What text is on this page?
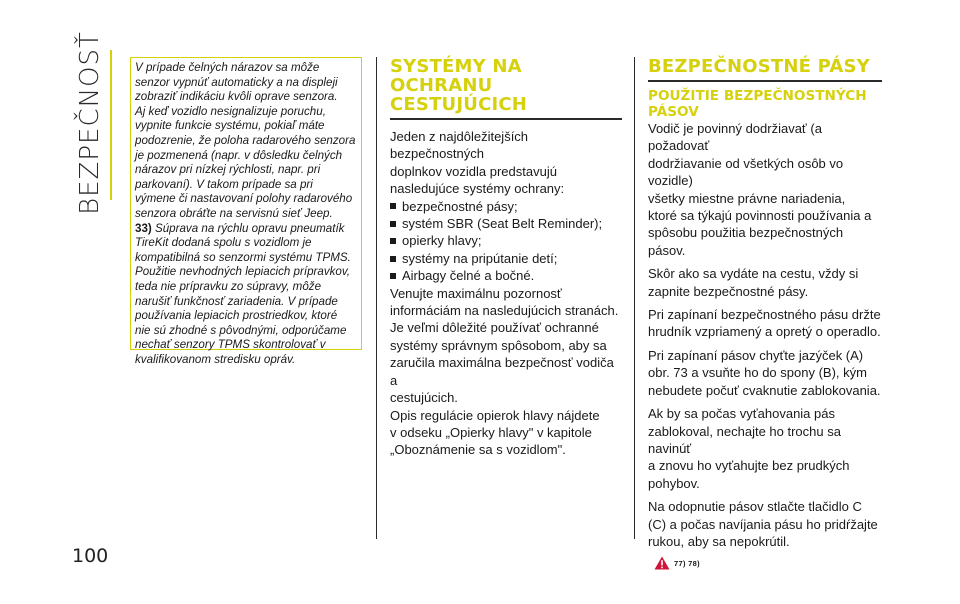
BEZPEČNOSŤ
100

V prípade čelných nárazov sa môže
senzor vypnúť automaticky a na displeji
zobraziť indikáciu kvôli oprave senzora.
Aj keď vozidlo nesignalizuje poruchu,
vypnite funkcie systému, pokiaľ máte
podozrenie, že poloha radarového senzora
je pozmenená (napr. v dôsledku čelných
nárazov pri nízkej rýchlosti, napr. pri
parkovaní). V takom prípade sa pri
výmene či nastavovaní polohy radarového
senzora obráťte na servisnú sieť Jeep.

33) Súprava na rýchlu opravu pneumatík
TireKit dodaná spolu s vozidlom je
kompatibilná so senzormi systému TPMS.
Použitie nevhodných lepiacich prípravkov,
teda nie prípravku zo súpravy, môže
narušiť funkčnosť zariadenia. V prípade
používania lepiacich prostriedkov, ktoré
nie sú zhodné s pôvodnými, odporúčame
nechať senzory TPMS skontrolovať v
kvalifikovanom stredisku opráv.

SYSTÉMY NA OCHRANU
CESTUJÚCICH

Jeden z najdôležitejších bezpečnostných
doplnkov vozidla predstavujú
nasledujúce systémy ochrany:

bezpečnostné pásy;
systém SBR (Seat Belt Reminder);
opierky hlavy;
systémy na pripútanie detí;
Airbagy čelné a bočné.

Venujte maximálnu pozornosť
informáciám na nasledujúcich stranách.
Je veľmi dôležité používať ochranné
systémy správnym spôsobom, aby sa
zaručila maximálna bezpečnosť vodiča a
cestujúcich.

Opis regulácie opierok hlavy nájdete
v odseku „Opierky hlavy" v kapitole
„Oboznámenie sa s vozidlom".

BEZPEČNOSTNÉ PÁSY
POUŽITIE BEZPEČNOSTNÝCH
PÁSOV

Vodič je povinný dodržiavať (a požadovať
dodržiavanie od všetkých osôb vo vozidle)
všetky miestne právne nariadenia,
ktoré sa týkajú povinnosti používania a
spôsobu použitia bezpečnostných pásov.

Skôr ako sa vydáte na cestu, vždy si
zapnite bezpečnostné pásy.

Pri zapínaní bezpečnostného pásu držte
hrudník vzpriamený a opretý o operadlo.

Pri zapínaní pásov chyťte jazýček (A)
obr. 73 a vsuňte ho do spony (B), kým
nebudete počuť cvaknutie zablokovania.

Ak by sa počas vyťahovania pás
zablokoval, nechajte ho trochu sa navinúť
a znovu ho vyťahujte bez prudkých
pohybov.

Na odopnutie pásov stlačte tlačidlo C
(C) a počas navíjania pásu ho pridŕžajte
rukou, aby sa nepokrútil.

77) 78)
